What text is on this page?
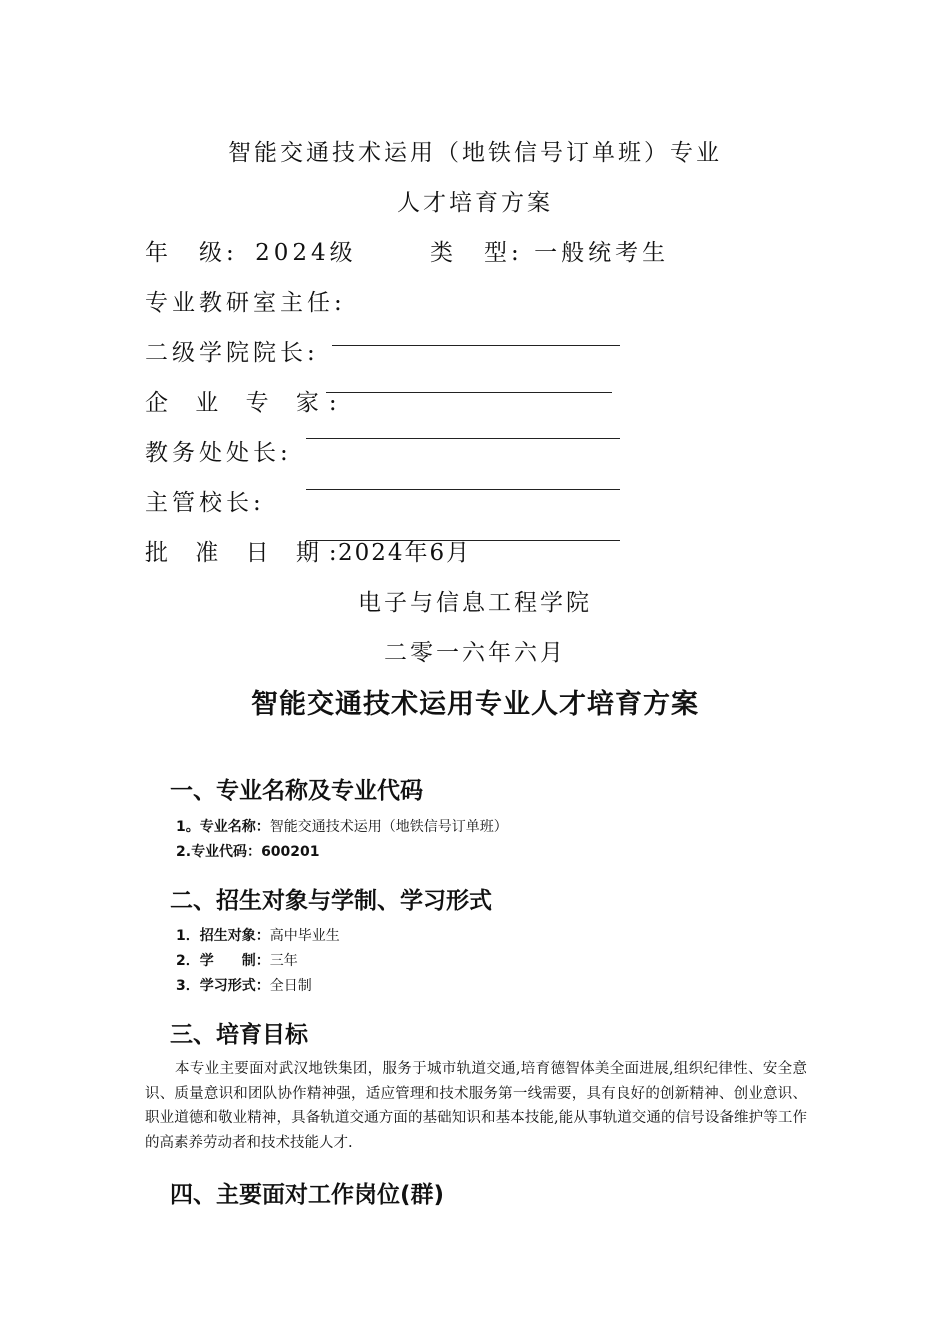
智能交通技术运用（地铁信号订单班）专业
人才培育方案
年　级: 2024级	类　型: 一般统考生
专业教研室主任:
二级学院院长:
企 业 专 家:
教务处处长:
主管校长:
批 准 日 期:
2024年6月
电子与信息工程学院
二零一六年六月
智能交通技术运用专业人才培育方案
一、专业名称及专业代码
1。专业名称：智能交通技术运用（地铁信号订单班）
2.专业代码：600201
二、招生对象与学制、学习形式
1．招生对象：高中毕业生
2．学　　制：三年
3．学习形式：全日制
三、培育目标
本专业主要面对武汉地铁集团，服务于城市轨道交通,培育德智体美全面进展,组织纪律性、安全意识、质量意识和团队协作精神强，适应管理和技术服务第一线需要，具有良好的创新精神、创业意识、职业道德和敬业精神，具备轨道交通方面的基础知识和基本技能,能从事轨道交通的信号设备维护等工作的高素养劳动者和技术技能人才.
四、主要面对工作岗位(群)
